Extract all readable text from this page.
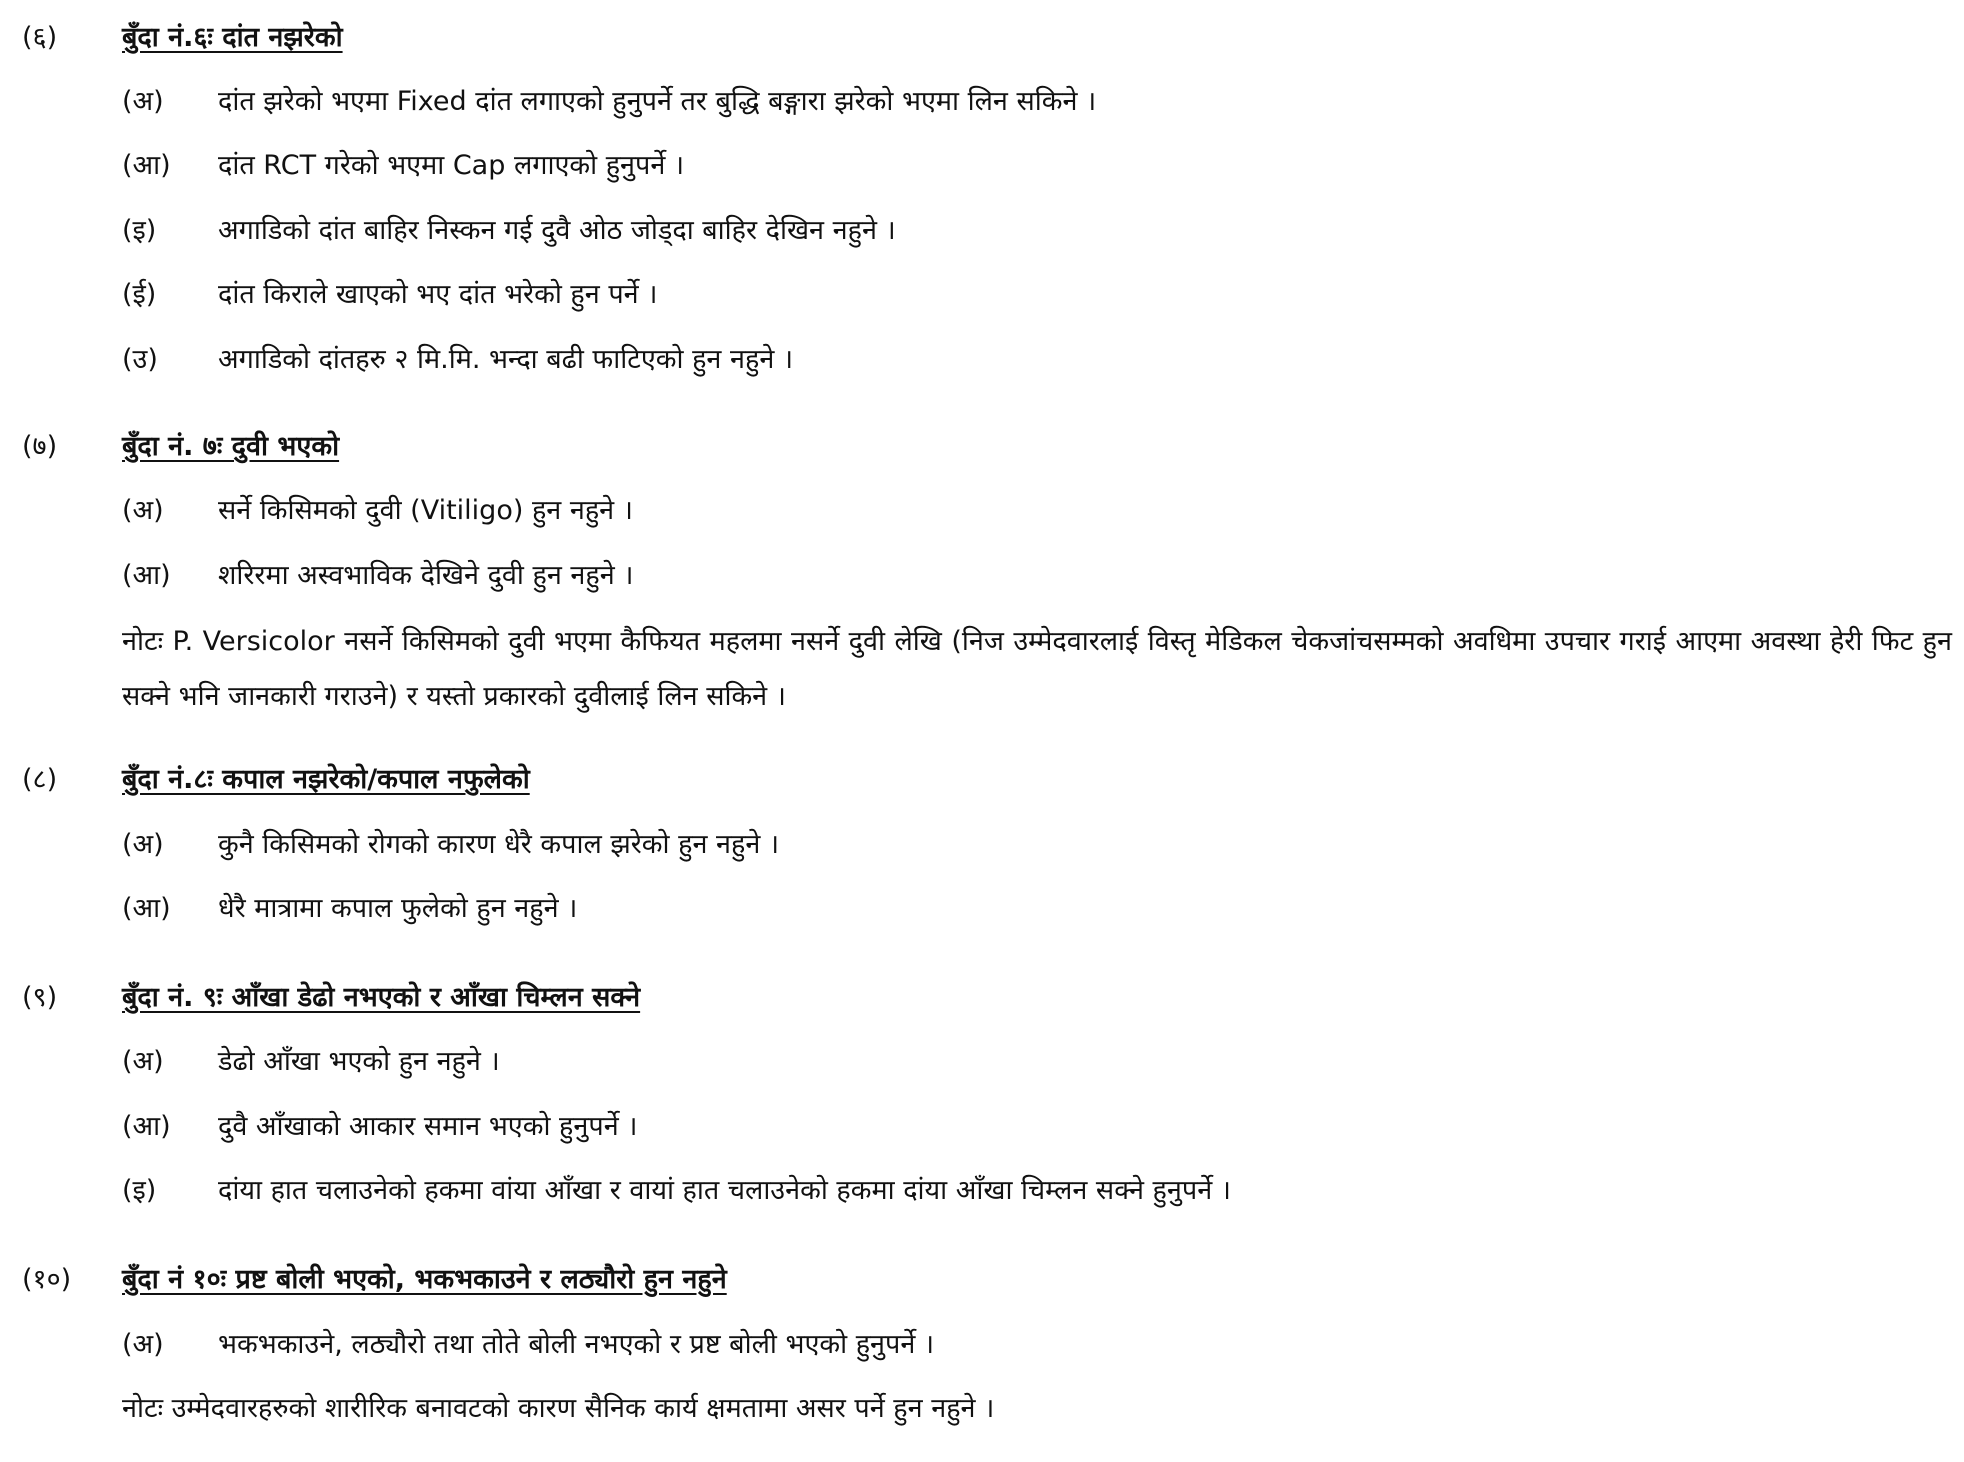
(६)	बुँदा नं.६ः दांत नझरेको
(अ)	दांत झरेको भएमा Fixed दांत लगाएको हुनुपर्ने तर बुद्धि बङ्गारा झरेको भएमा लिन सकिने ।
(आ)	दांत RCT गरेको भएमा Cap लगाएको हुनुपर्ने ।
(इ)	अगाडिको दांत बाहिर निस्कन गई दुवै ओठ जोड्दा बाहिर देखिन नहुने ।
(ई)	दांत किराले खाएको भए दांत भरेको हुन पर्ने ।
(उ)	अगाडिको दांतहरु २ मि.मि. भन्दा बढी फाटिएको हुन नहुने ।
(७)	बुँदा नं. ७ः दुवी भएको
(अ)	सर्ने किसिमको दुवी (Vitiligo) हुन नहुने ।
(आ)	शरिरमा अस्वभाविक देखिने दुवी हुन नहुने ।
नोटः P. Versicolor नसर्ने किसिमको दुवी भएमा कैफियत महलमा नसर्ने दुवी लेखि (निज उम्मेदवारलाई विस्तृ मेडिकल चेकजांचसम्मको अवधिमा उपचार गराई आएमा अवस्था हेरी फिट हुन सक्ने भनि जानकारी गराउने) र यस्तो प्रकारको दुवीलाई लिन सकिने ।
(८)	बुँदा नं.८ः कपाल नझरेको/कपाल नफुलेको
(अ)	कुनै किसिमको रोगको कारण धेरै कपाल झरेको हुन नहुने ।
(आ)	धेरै मात्रामा कपाल फुलेको हुन नहुने ।
(९)	बुँदा नं. ९ः आँखा डेढो नभएको र आँखा चिम्लन सक्ने
(अ)	डेढो आँखा भएको हुन नहुने ।
(आ)	दुवै आँखाको आकार समान भएको हुनुपर्ने ।
(इ)	दांया हात चलाउनेको हकमा वांया आँखा र वायां हात चलाउनेको हकमा दांया आँखा चिम्लन सक्ने हुनुपर्ने ।
(१०)	बुँदा नं १०ः प्रष्ट बोली भएको, भकभकाउने र लठ्यौरो हुन नहुने
(अ)	भकभकाउने, लठ्यौरो तथा तोते बोली नभएको र प्रष्ट बोली भएको हुनुपर्ने ।
नोटः उम्मेदवारहरुको शारीरिक बनावटको कारण सैनिक कार्य क्षमतामा असर पर्ने हुन नहुने ।
